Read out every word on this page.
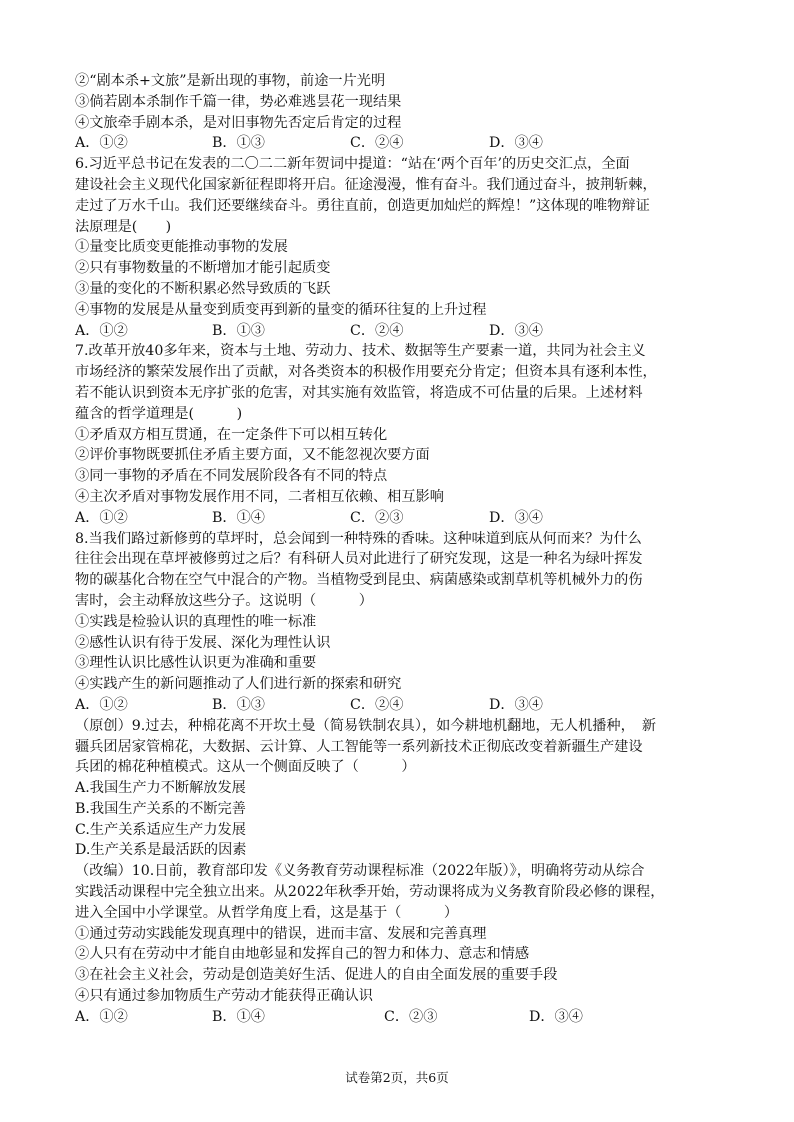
②“剧本杀+文旅”是新出现的事物，前途一片光明
③倘若剧本杀制作千篇一律，势必难逃昙花一现结果
④文旅牵手剧本杀，是对旧事物先否定后肯定的过程
A．①②	B．①③	C．②④	D．③④
6.习近平总书记在发表的二〇二二新年贺词中提道：“站在‘两个百年’的历史交汇点，全面
建设社会主义现代化国家新征程即将开启。征途漫漫，惟有奋斗。我们通过奋斗，披荆斩棘，
走过了万水千山。我们还要继续奋斗。勇往直前，创造更加灿烂的辉煌！”这体现的唯物辩证
法原理是(　　)
①量变比质变更能推动事物的发展
②只有事物数量的不断增加才能引起质变
③量的变化的不断积累必然导致质的飞跃
④事物的发展是从量变到质变再到新的量变的循环往复的上升过程
A．①②	B．①③	C．②④	D．③④
7.改革开放40多年来，资本与土地、劳动力、技术、数据等生产要素一道，共同为社会主义
市场经济的繁荣发展作出了贡献，对各类资本的积极作用要充分肯定；但资本具有逐利本性，
若不能认识到资本无序扩张的危害，对其实施有效监管，将造成不可估量的后果。上述材料
蕴含的哲学道理是(　　　)
①矛盾双方相互贯通，在一定条件下可以相互转化
②评价事物既要抓住矛盾主要方面，又不能忽视次要方面
③同一事物的矛盾在不同发展阶段各有不同的特点
④主次矛盾对事物发展作用不同，二者相互依赖、相互影响
A．①②	B．①④	C．②③	D．③④
8.当我们路过新修剪的草坪时，总会闻到一种特殊的香味。这种味道到底从何而来？为什么
往往会出现在草坪被修剪过之后？有科研人员对此进行了研究发现，这是一种名为绿叶挥发
物的碳基化合物在空气中混合的产物。当植物受到昆虫、病菌感染或割草机等机械外力的伤
害时，会主动释放这些分子。这说明（　　　）
①实践是检验认识的真理性的唯一标准
②感性认识有待于发展、深化为理性认识
③理性认识比感性认识更为准确和重要
④实践产生的新问题推动了人们进行新的探索和研究
A．①②	B．①③	C．②④	D．③④
（原创）9.过去，种棉花离不开坎土曼（简易铁制农具），如今耕地机翻地，无人机播种，　新
疆兵团居家管棉花，大数据、云计算、人工智能等一系列新技术正彻底改变着新疆生产建设
兵团的棉花种植模式。这从一个侧面反映了（　　　）
A.我国生产力不断解放发展
B.我国生产关系的不断完善
C.生产关系适应生产力发展
D.生产关系是最活跃的因素
（改编）10.日前，教育部印发《义务教育劳动课程标准（2022年版）》，明确将劳动从综合
实践活动课程中完全独立出来。从2022年秋季开始，劳动课将成为义务教育阶段必修的课程，
进入全国中小学课堂。从哲学角度上看，这是基于（　　　）
①通过劳动实践能发现真理中的错误，进而丰富、发展和完善真理
②人只有在劳动中才能自由地彰显和发挥自己的智力和体力、意志和情感
③在社会主义社会，劳动是创造美好生活、促进人的自由全面发展的重要手段
④只有通过参加物质生产劳动才能获得正确认识
A．①②	B．①④	C．②③	D．③④
试卷第2页，共6页
